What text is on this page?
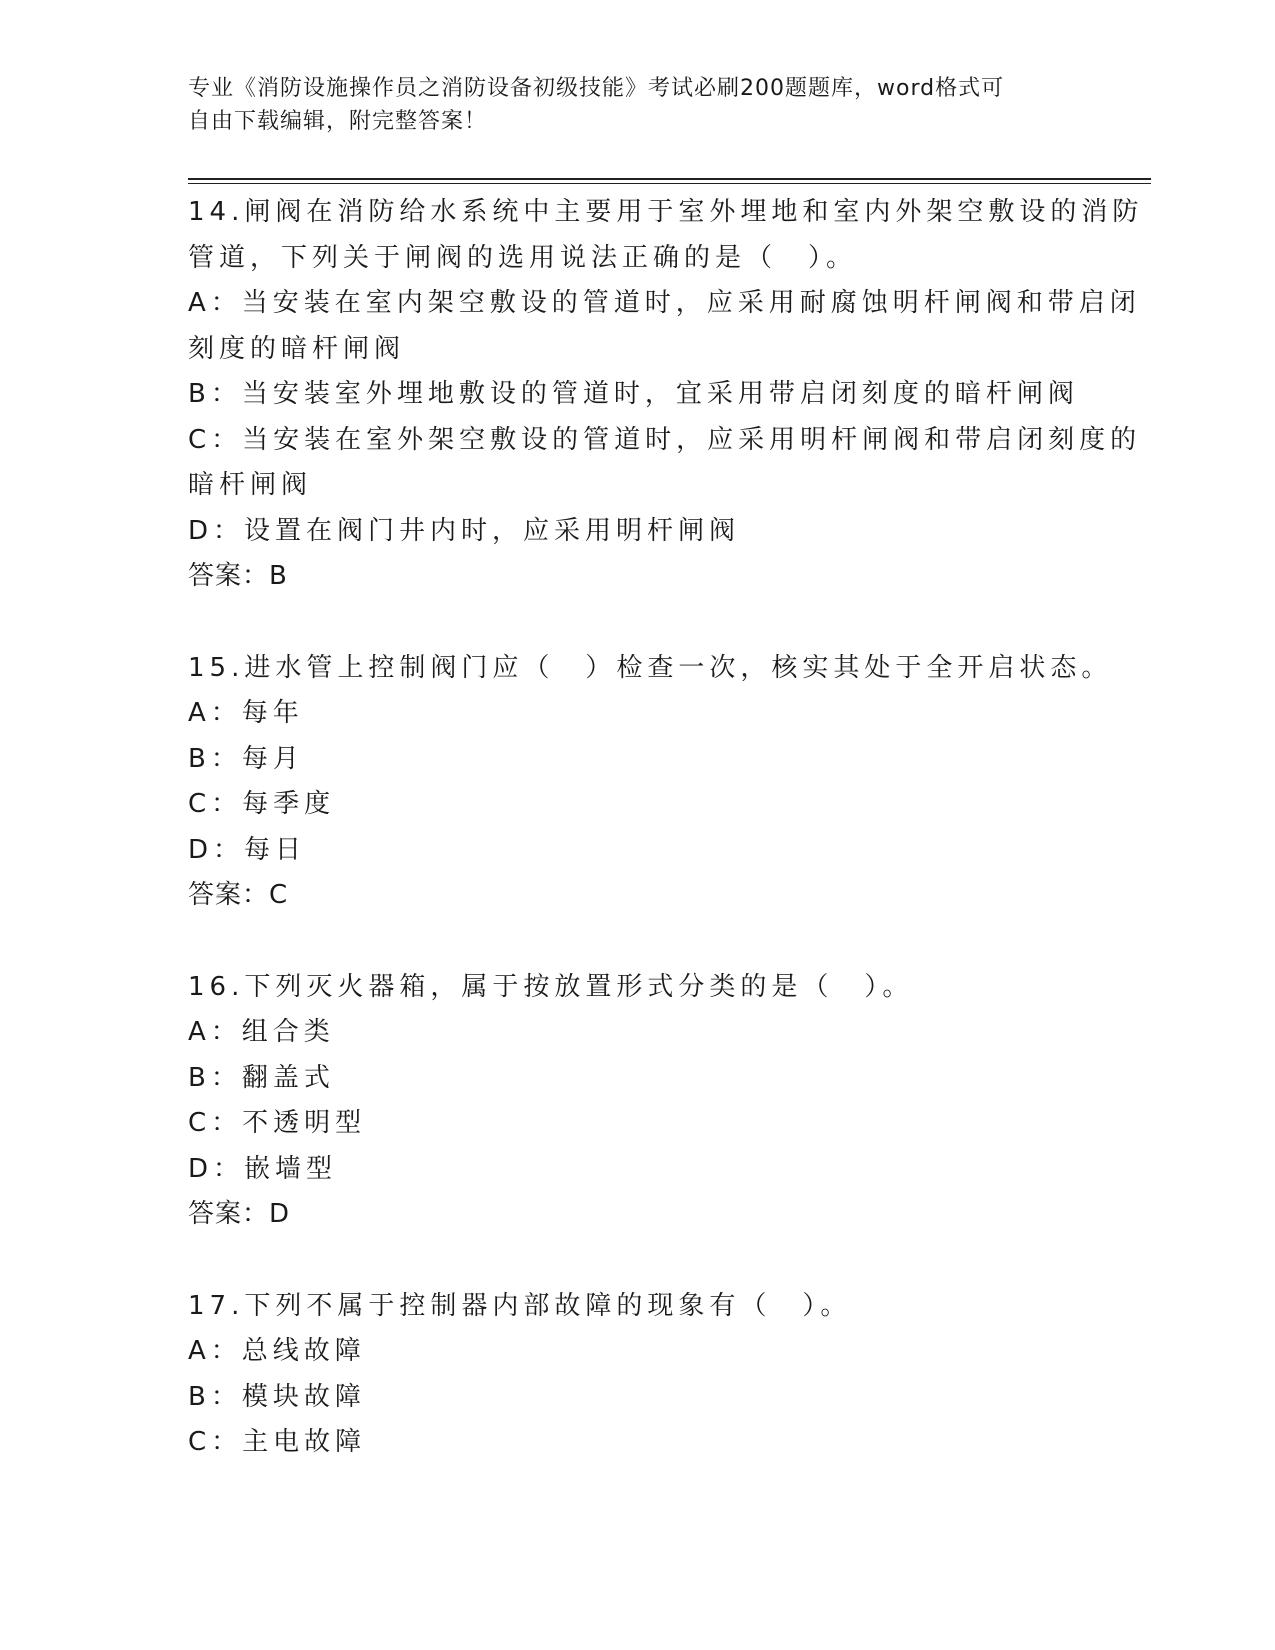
专业《消防设施操作员之消防设备初级技能》考试必刷200题题库，word格式可
自由下载编辑，附完整答案！
14.闸阀在消防给水系统中主要用于室外埋地和室内外架空敷设的消防
管道，下列关于闸阀的选用说法正确的是（　）。
A：当安装在室内架空敷设的管道时，应采用耐腐蚀明杆闸阀和带启闭
刻度的暗杆闸阀
B：当安装室外埋地敷设的管道时，宜采用带启闭刻度的暗杆闸阀
C：当安装在室外架空敷设的管道时，应采用明杆闸阀和带启闭刻度的
暗杆闸阀
D：设置在阀门井内时，应采用明杆闸阀
答案：B
15.进水管上控制阀门应（　）检查一次，核实其处于全开启状态。
A：每年
B：每月
C：每季度
D：每日
答案：C
16.下列灭火器箱，属于按放置形式分类的是（　）。
A：组合类
B：翻盖式
C：不透明型
D：嵌墙型
答案：D
17.下列不属于控制器内部故障的现象有（　）。
A：总线故障
B：模块故障
C：主电故障
